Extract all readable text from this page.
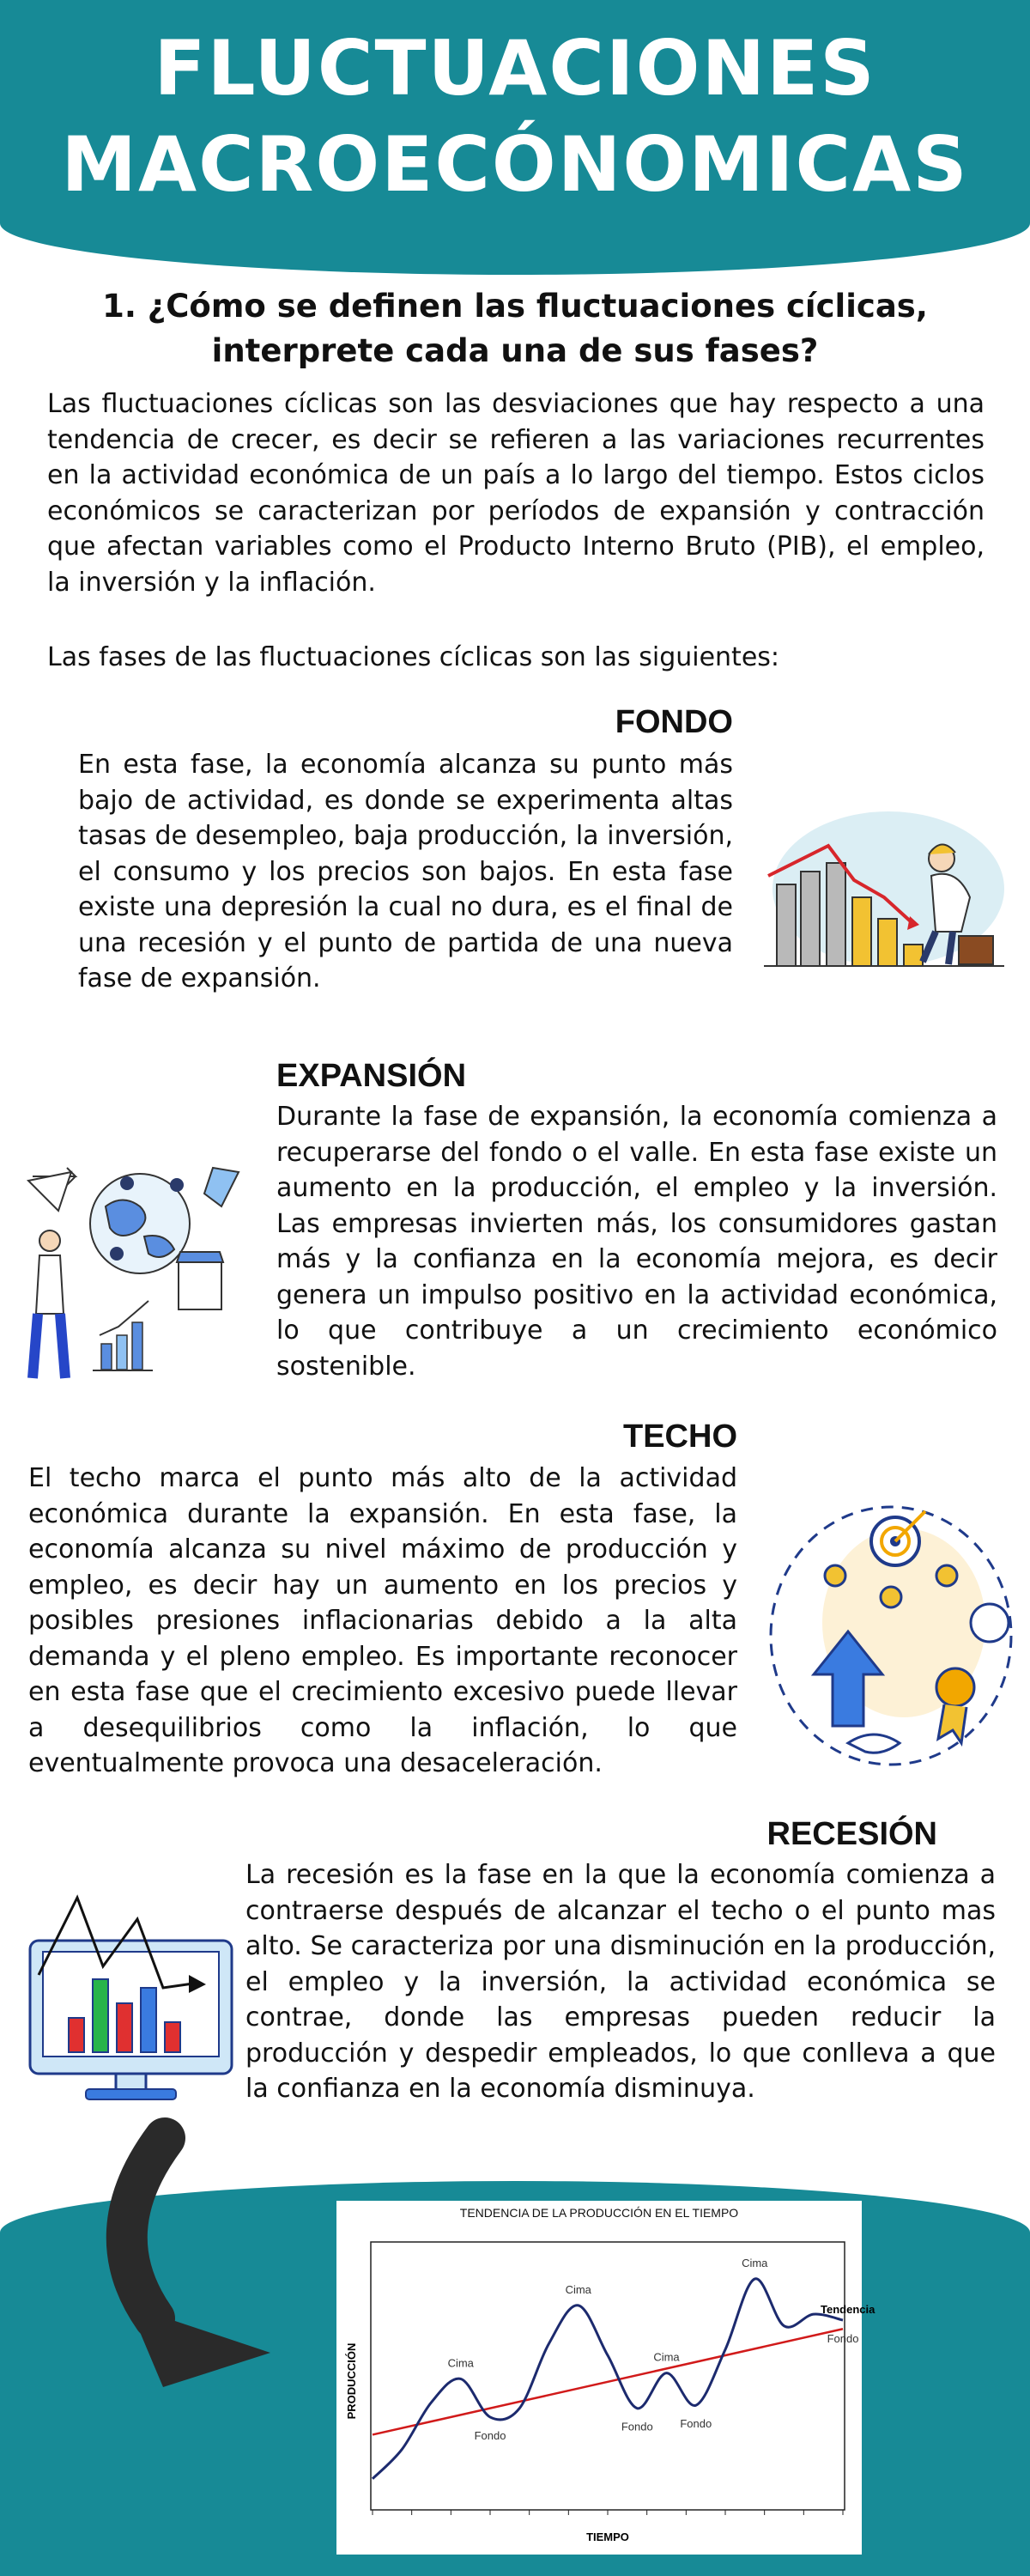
FLUCTUACIONES
MACROECÓNOMICAS
1. ¿Cómo se definen las fluctuaciones cíclicas,
interprete cada una de sus fases?
Las fluctuaciones cíclicas son las desviaciones que hay respecto a una tendencia de crecer, es decir se refieren a las variaciones recurrentes en la actividad económica de un país a lo largo del tiempo. Estos ciclos económicos se caracterizan por períodos de expansión y contracción que afectan variables como el Producto Interno Bruto (PIB), el empleo, la inversión y la inflación.
Las fases de las fluctuaciones cíclicas son las siguientes:
FONDO
En esta fase, la economía alcanza su punto más bajo de actividad, es donde se experimenta altas tasas de desempleo, baja producción, la inversión, el consumo y los precios son bajos. En esta fase existe una depresión la cual no dura, es el final de una recesión y el punto de partida de una nueva fase de expansión.
EXPANSIÓN
Durante la fase de expansión, la economía comienza a recuperarse del fondo o el valle. En esta fase existe un aumento en la producción, el empleo y la inversión. Las empresas invierten más, los consumidores gastan más y la confianza en la economía mejora, es decir genera un impulso positivo en la actividad económica, lo que contribuye a un crecimiento económico sostenible.
TECHO
El techo marca el punto más alto de la actividad económica durante la expansión. En esta fase, la economía alcanza su nivel máximo de producción y empleo, es decir hay un aumento en los precios y posibles presiones inflacionarias debido a la alta demanda y el pleno empleo. Es importante reconocer en esta fase que el crecimiento excesivo puede llevar a desequilibrios como la inflación, lo que eventualmente provoca una desaceleración.
RECESIÓN
La recesión es la fase en la que la economía comienza a contraerse después de alcanzar el techo o el punto mas alto. Se caracteriza por una disminución en la producción, el empleo y la inversión, la actividad económica se contrae, donde las empresas pueden reducir la producción y despedir empleados, lo que conlleva a que la confianza en la economía disminuya.
TENDENCIA DE LA PRODUCCIÓN EN EL TIEMPO
Cima
Fondo
Cima
Fondo
Cima
Fondo
Cima
Fondo
Tendencia
TIEMPO
PRODUCCIÓN
